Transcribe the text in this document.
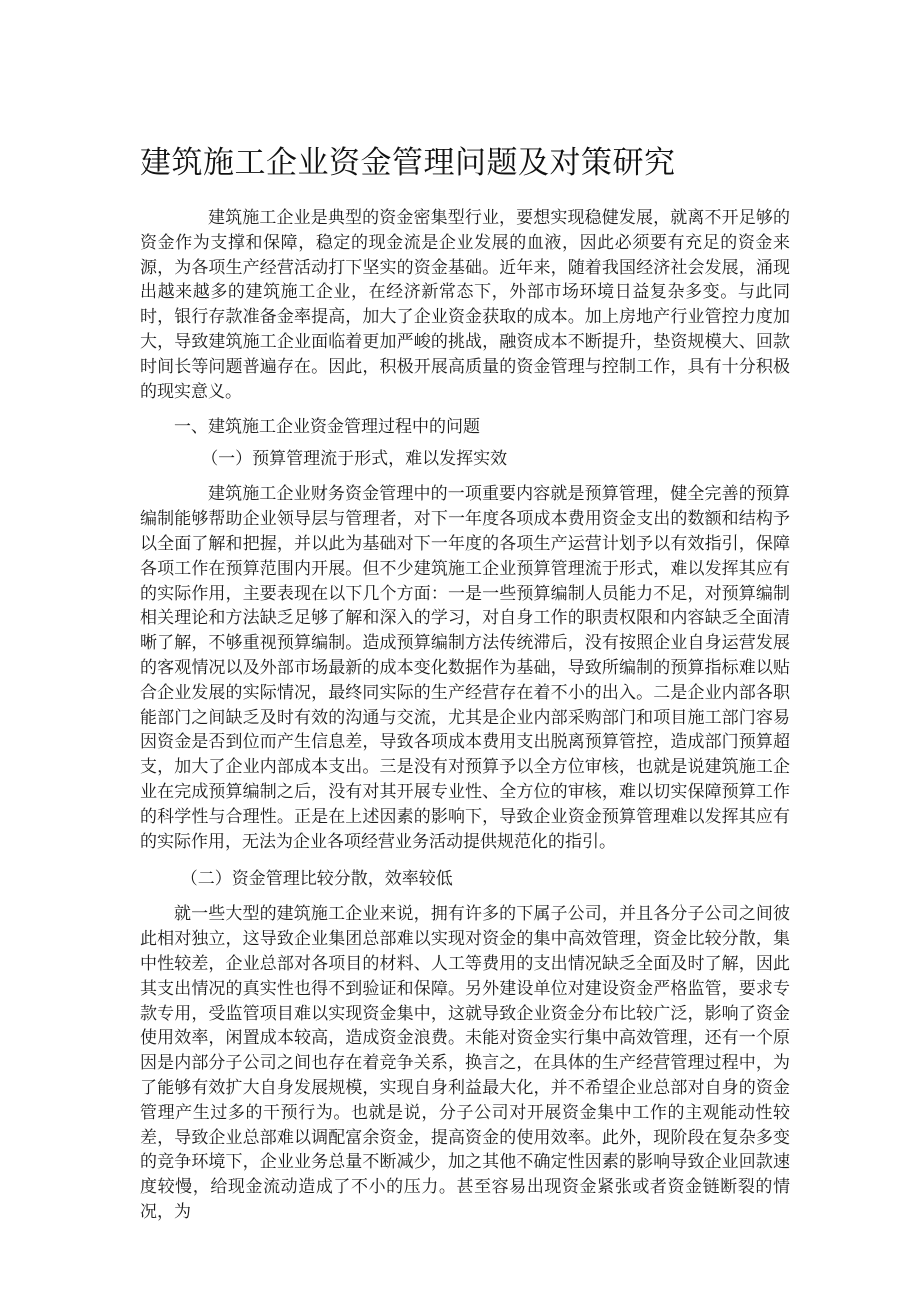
建筑施工企业资金管理问题及对策研究

建筑施工企业是典型的资金密集型行业，要想实现稳健发展，就离不开足够的资金作为支撑和保障，稳定的现金流是企业发展的血液，因此必须要有充足的资金来源，为各项生产经营活动打下坚实的资金基础。近年来，随着我国经济社会发展，涌现出越来越多的建筑施工企业，在经济新常态下，外部市场环境日益复杂多变。与此同时，银行存款准备金率提高，加大了企业资金获取的成本。加上房地产行业管控力度加大，导致建筑施工企业面临着更加严峻的挑战，融资成本不断提升，垫资规模大、回款时间长等问题普遍存在。因此，积极开展高质量的资金管理与控制工作，具有十分积极的现实意义。

一、建筑施工企业资金管理过程中的问题
（一）预算管理流于形式，难以发挥实效

建筑施工企业财务资金管理中的一项重要内容就是预算管理，健全完善的预算编制能够帮助企业领导层与管理者，对下一年度各项成本费用资金支出的数额和结构予以全面了解和把握，并以此为基础对下一年度的各项生产运营计划予以有效指引，保障各项工作在预算范围内开展。但不少建筑施工企业预算管理流于形式，难以发挥其应有的实际作用，主要表现在以下几个方面：一是一些预算编制人员能力不足，对预算编制相关理论和方法缺乏足够了解和深入的学习，对自身工作的职责权限和内容缺乏全面清晰了解，不够重视预算编制。造成预算编制方法传统滞后，没有按照企业自身运营发展的客观情况以及外部市场最新的成本变化数据作为基础，导致所编制的预算指标难以贴合企业发展的实际情况，最终同实际的生产经营存在着不小的出入。二是企业内部各职能部门之间缺乏及时有效的沟通与交流，尤其是企业内部采购部门和项目施工部门容易因资金是否到位而产生信息差，导致各项成本费用支出脱离预算管控，造成部门预算超支，加大了企业内部成本支出。三是没有对预算予以全方位审核，也就是说建筑施工企业在完成预算编制之后，没有对其开展专业性、全方位的审核，难以切实保障预算工作的科学性与合理性。正是在上述因素的影响下，导致企业资金预算管理难以发挥其应有的实际作用，无法为企业各项经营业务活动提供规范化的指引。

（二）资金管理比较分散，效率较低

就一些大型的建筑施工企业来说，拥有许多的下属子公司，并且各分子公司之间彼此相对独立，这导致企业集团总部难以实现对资金的集中高效管理，资金比较分散，集中性较差，企业总部对各项目的材料、人工等费用的支出情况缺乏全面及时了解，因此其支出情况的真实性也得不到验证和保障。另外建设单位对建设资金严格监管，要求专款专用，受监管项目难以实现资金集中，这就导致企业资金分布比较广泛，影响了资金使用效率，闲置成本较高，造成资金浪费。未能对资金实行集中高效管理，还有一个原因是内部分子公司之间也存在着竞争关系，换言之，在具体的生产经营管理过程中，为了能够有效扩大自身发展规模，实现自身利益最大化，并不希望企业总部对自身的资金管理产生过多的干预行为。也就是说，分子公司对开展资金集中工作的主观能动性较差，导致企业总部难以调配富余资金，提高资金的使用效率。此外，现阶段在复杂多变的竞争环境下，企业业务总量不断减少，加之其他不确定性因素的影响导致企业回款速度较慢，给现金流动造成了不小的压力。甚至容易出现资金紧张或者资金链断裂的情况，为
